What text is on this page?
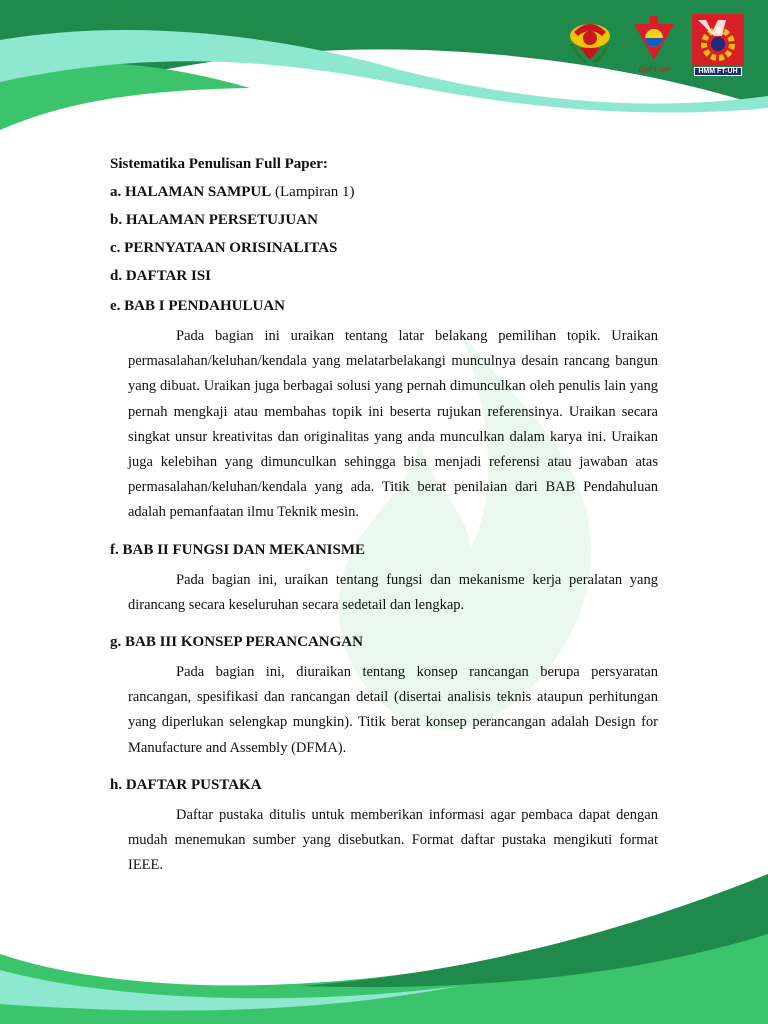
DAFT-UH	HMM FT-UH

Sistematika Penulisan Full Paper:

a. HALAMAN SAMPUL (Lampiran 1)

b. HALAMAN PERSETUJUAN

c. PERNYATAAN ORISINALITAS

d. DAFTAR ISI

e. BAB I PENDAHULUAN

Pada bagian ini uraikan tentang latar belakang pemilihan topik. Uraikan permasalahan/keluhan/kendala yang melatarbelakangi munculnya desain rancang bangun yang dibuat. Uraikan juga berbagai solusi yang pernah dimunculkan oleh penulis lain yang pernah mengkaji atau membahas topik ini beserta rujukan referensinya. Uraikan secara singkat unsur kreativitas dan originalitas yang anda munculkan dalam karya ini. Uraikan juga kelebihan yang dimunculkan sehingga bisa menjadi referensi atau jawaban atas permasalahan/keluhan/kendala yang ada. Titik berat penilaian dari BAB Pendahuluan adalah pemanfaatan ilmu Teknik mesin.

f. BAB II FUNGSI DAN MEKANISME

Pada bagian ini, uraikan tentang fungsi dan mekanisme kerja peralatan yang dirancang secara keseluruhan secara sedetail dan lengkap.

g. BAB III KONSEP PERANCANGAN

Pada bagian ini, diuraikan tentang konsep rancangan berupa persyaratan rancangan, spesifikasi dan rancangan detail (disertai analisis teknis ataupun perhitungan yang diperlukan selengkap mungkin). Titik berat konsep perancangan adalah Design for Manufacture and Assembly (DFMA).

h. DAFTAR PUSTAKA

Daftar pustaka ditulis untuk memberikan informasi agar pembaca dapat dengan mudah menemukan sumber yang disebutkan. Format daftar pustaka mengikuti format IEEE.
